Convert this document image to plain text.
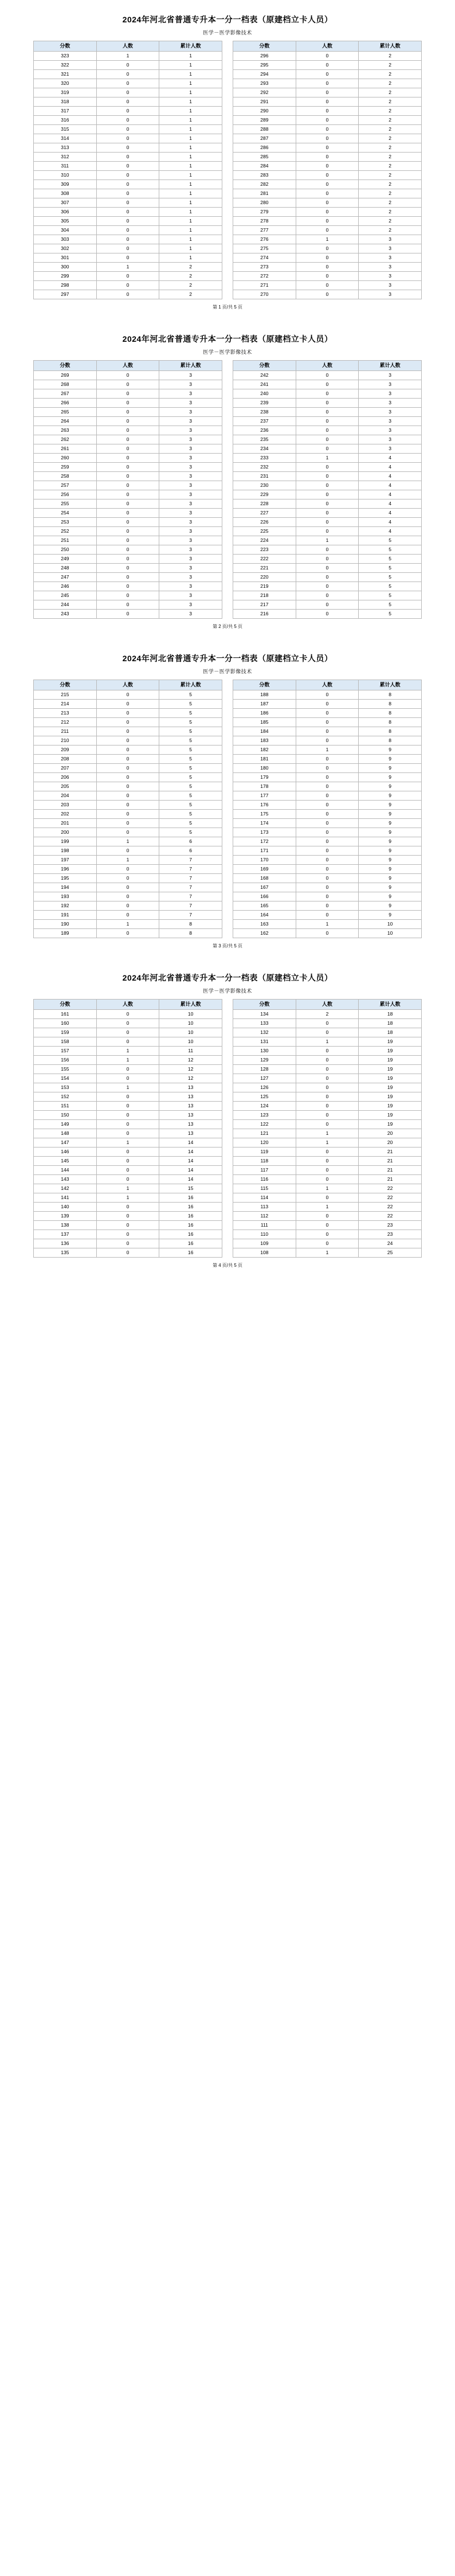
2024年河北省普通专升本一分一档表（原建档立卡人员）
医学－医学影像技术
分数	人数	累计人数
323	1	1
322	0	1
321	0	1
320	0	1
319	0	1
318	0	1
317	0	1
316	0	1
315	0	1
314	0	1
313	0	1
312	0	1
311	0	1
310	0	1
309	0	1
308	0	1
307	0	1
306	0	1
305	0	1
304	0	1
303	0	1
302	0	1
301	0	1
300	1	2
299	0	2
298	0	2
297	0	2
分数	人数	累计人数
296	0	2
295	0	2
294	0	2
293	0	2
292	0	2
291	0	2
290	0	2
289	0	2
288	0	2
287	0	2
286	0	2
285	0	2
284	0	2
283	0	2
282	0	2
281	0	2
280	0	2
279	0	2
278	0	2
277	0	2
276	1	3
275	0	3
274	0	3
273	0	3
272	0	3
271	0	3
270	0	3
第 1 页/共 5 页
2024年河北省普通专升本一分一档表（原建档立卡人员）
医学－医学影像技术
分数	人数	累计人数
269	0	3
268	0	3
267	0	3
266	0	3
265	0	3
264	0	3
263	0	3
262	0	3
261	0	3
260	0	3
259	0	3
258	0	3
257	0	3
256	0	3
255	0	3
254	0	3
253	0	3
252	0	3
251	0	3
250	0	3
249	0	3
248	0	3
247	0	3
246	0	3
245	0	3
244	0	3
243	0	3
分数	人数	累计人数
242	0	3
241	0	3
240	0	3
239	0	3
238	0	3
237	0	3
236	0	3
235	0	3
234	0	3
233	1	4
232	0	4
231	0	4
230	0	4
229	0	4
228	0	4
227	0	4
226	0	4
225	0	4
224	1	5
223	0	5
222	0	5
221	0	5
220	0	5
219	0	5
218	0	5
217	0	5
216	0	5
第 2 页/共 5 页
2024年河北省普通专升本一分一档表（原建档立卡人员）
医学－医学影像技术
分数	人数	累计人数
215	0	5
214	0	5
213	0	5
212	0	5
211	0	5
210	0	5
209	0	5
208	0	5
207	0	5
206	0	5
205	0	5
204	0	5
203	0	5
202	0	5
201	0	5
200	0	5
199	1	6
198	0	6
197	1	7
196	0	7
195	0	7
194	0	7
193	0	7
192	0	7
191	0	7
190	1	8
189	0	8
分数	人数	累计人数
188	0	8
187	0	8
186	0	8
185	0	8
184	0	8
183	0	8
182	1	9
181	0	9
180	0	9
179	0	9
178	0	9
177	0	9
176	0	9
175	0	9
174	0	9
173	0	9
172	0	9
171	0	9
170	0	9
169	0	9
168	0	9
167	0	9
166	0	9
165	0	9
164	0	9
163	1	10
162	0	10
第 3 页/共 5 页
2024年河北省普通专升本一分一档表（原建档立卡人员）
医学－医学影像技术
分数	人数	累计人数
161	0	10
160	0	10
159	0	10
158	0	10
157	1	11
156	1	12
155	0	12
154	0	12
153	1	13
152	0	13
151	0	13
150	0	13
149	0	13
148	0	13
147	1	14
146	0	14
145	0	14
144	0	14
143	0	14
142	1	15
141	1	16
140	0	16
139	0	16
138	0	16
137	0	16
136	0	16
135	0	16
分数	人数	累计人数
134	2	18
133	0	18
132	0	18
131	1	19
130	0	19
129	0	19
128	0	19
127	0	19
126	0	19
125	0	19
124	0	19
123	0	19
122	0	19
121	1	20
120	1	20
119	0	21
118	0	21
117	0	21
116	0	21
115	1	22
114	0	22
113	1	22
112	0	22
111	0	23
110	0	23
109	0	24
108	1	25
第 4 页/共 5 页
